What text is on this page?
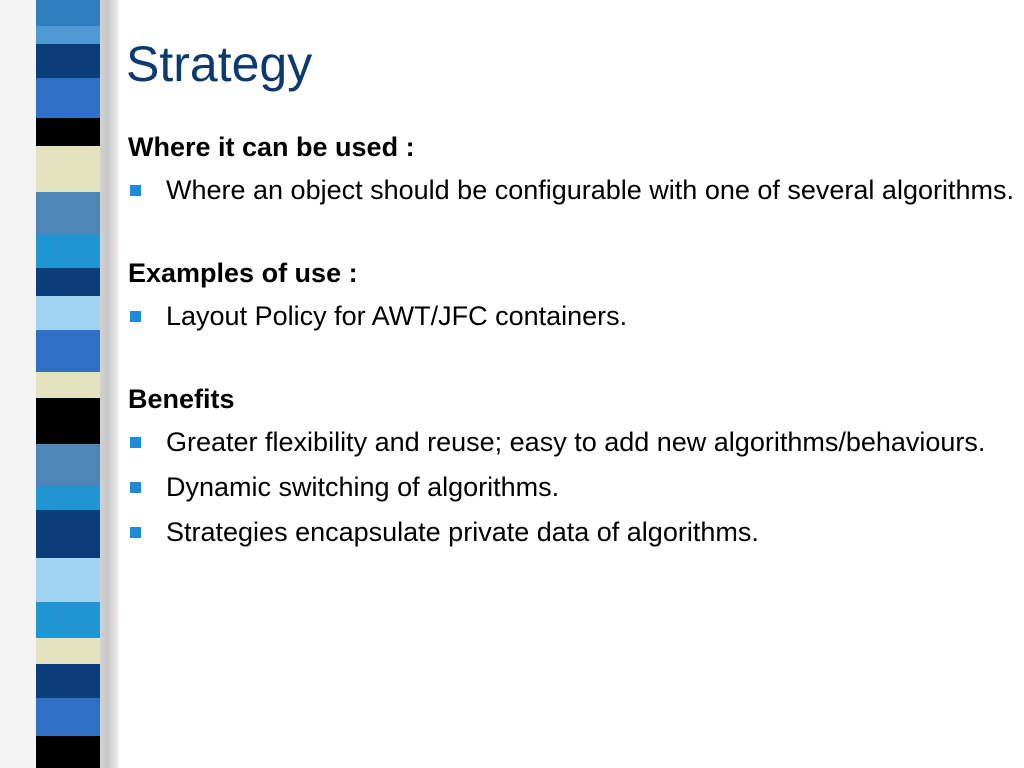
Strategy

Where it can be used :

Where an object should be configurable with one of several algorithms.

Examples of use :

Layout Policy for AWT/JFC containers.

Benefits

Greater flexibility and reuse; easy to add new algorithms/behaviours.
Dynamic switching of algorithms.
Strategies encapsulate private data of algorithms.
